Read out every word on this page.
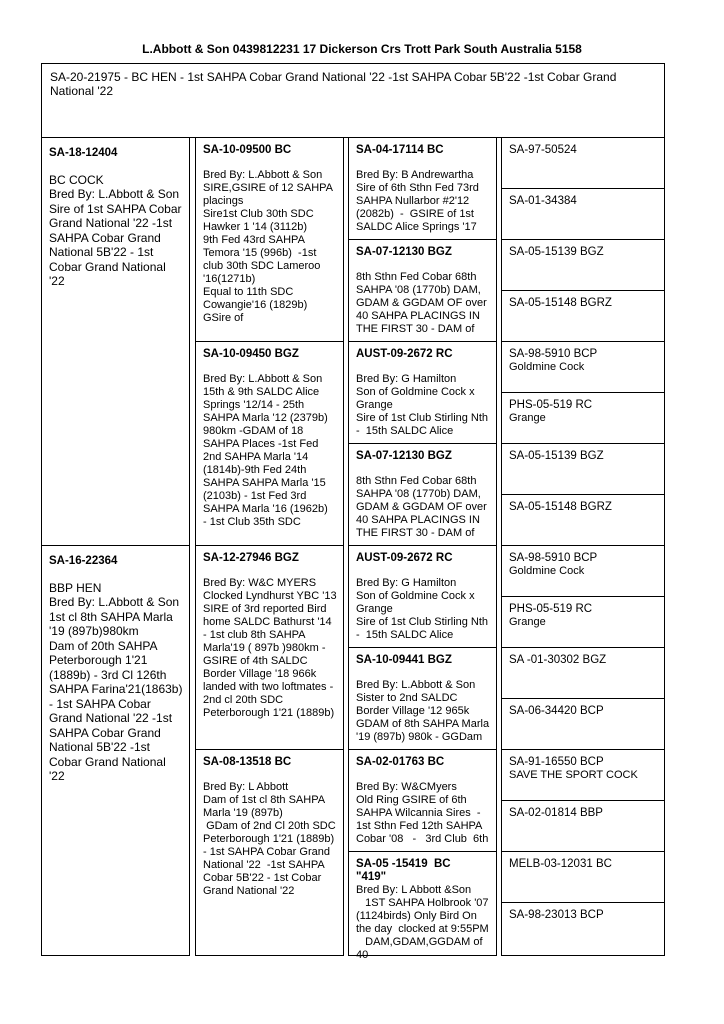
L.Abbott & Son 0439812231 17 Dickerson Crs Trott Park South Australia 5158
SA-20-21975 - BC HEN - 1st SAHPA Cobar Grand National '22 -1st SAHPA Cobar 5B'22 -1st Cobar Grand National '22
SA-18-12404
BC COCK
Bred By: L.Abbott & Son
Sire of 1st SAHPA Cobar Grand National '22 -1st SAHPA Cobar Grand National 5B'22 - 1st Cobar Grand National '22
SA-16-22364
BBP HEN
Bred By: L.Abbott & Son 1st cl 8th SAHPA Marla '19 (897b)980km
Dam of 20th SAHPA Peterborough 1'21 (1889b) - 3rd Cl 126th SAHPA Farina'21(1863b) - 1st SAHPA Cobar Grand National '22 -1st SAHPA Cobar Grand National 5B'22 -1st Cobar Grand National '22
SA-10-09500 BC
Bred By: L.Abbott & Son SIRE,GSIRE of 12 SAHPA placings
Sire1st Club 30th SDC Hawker 1 '14 (3112b)
9th Fed 43rd SAHPA Temora '15 (996b)  -1st club 30th SDC Lameroo '16(1271b)
Equal to 11th SDC Cowangie'16 (1829b)
GSire of
SA-10-09450 BGZ
Bred By: L.Abbott & Son 15th & 9th SALDC Alice Springs '12/14 - 25th SAHPA Marla '12 (2379b) 980km -GDAM of 18 SAHPA Places -1st Fed 2nd SAHPA Marla '14 (1814b)-9th Fed 24th SAHPA SAHPA Marla '15 (2103b) - 1st Fed 3rd SAHPA Marla '16 (1962b)  - 1st Club 35th SDC
SA-12-27946 BGZ
Bred By: W&C MYERS Clocked Lyndhurst YBC '13
SIRE of 3rd reported Bird home SALDC Bathurst '14 - 1st club 8th SAHPA Marla'19 ( 897b )980km - GSIRE of 4th SALDC Border Village '18 966k landed with two loftmates -  2nd cl 20th SDC Peterborough 1'21 (1889b)
SA-08-13518 BC
Bred By: L Abbott
Dam of 1st cl 8th SAHPA Marla '19 (897b)
GDam of 2nd Cl 20th SDC Peterborough 1'21 (1889b) - 1st SAHPA Cobar Grand National '22  -1st SAHPA  Cobar 5B'22 - 1st Cobar Grand National '22
SA-04-17114 BC
Bred By: B Andrewartha
Sire of 6th Sthn Fed 73rd SAHPA Nullarbor #2'12 (2082b)  -  GSIRE of 1st SALDC Alice Springs '17
SA-07-12130 BGZ
8th Sthn Fed Cobar 68th SAHPA '08 (1770b) DAM, GDAM & GGDAM OF over 40 SAHPA PLACINGS IN THE FIRST 30 - DAM of
AUST-09-2672 RC
Bred By: G Hamilton
Son of Goldmine Cock x Grange
Sire of 1st Club Stirling Nth -  15th SALDC Alice
SA-07-12130 BGZ
8th Sthn Fed Cobar 68th SAHPA '08 (1770b) DAM, GDAM & GGDAM OF over 40 SAHPA PLACINGS IN THE FIRST 30 - DAM of
AUST-09-2672 RC
Bred By: G Hamilton
Son of Goldmine Cock x Grange
Sire of 1st Club Stirling Nth -  15th SALDC Alice
SA-10-09441 BGZ
Bred By: L.Abbott & Son
Sister to 2nd SALDC Border Village '12 965k GDAM of 8th SAHPA Marla '19 (897b) 980k - GGDam
SA-02-01763 BC
Bred By: W&CMyers
Old Ring GSIRE of 6th SAHPA Wilcannia Sires  - 1st Sthn Fed 12th SAHPA Cobar '08   -   3rd Club  6th
SA-05 -15419  BC
"419"
Bred By: L Abbott &Son
1ST SAHPA Holbrook '07 (1124birds) Only Bird On the day  clocked at 9:55PM
DAM,GDAM,GGDAM of 40
SA-97-50524
SA-01-34384
SA-05-15139 BGZ
SA-05-15148 BGRZ
SA-98-5910 BCP
Goldmine Cock
PHS-05-519 RC
Grange
SA-05-15139 BGZ
SA-05-15148 BGRZ
SA-98-5910 BCP
Goldmine Cock
PHS-05-519 RC
Grange
SA -01-30302 BGZ
SA-06-34420 BCP
SA-91-16550 BCP
SAVE THE SPORT COCK
SA-02-01814 BBP
MELB-03-12031 BC
SA-98-23013 BCP
